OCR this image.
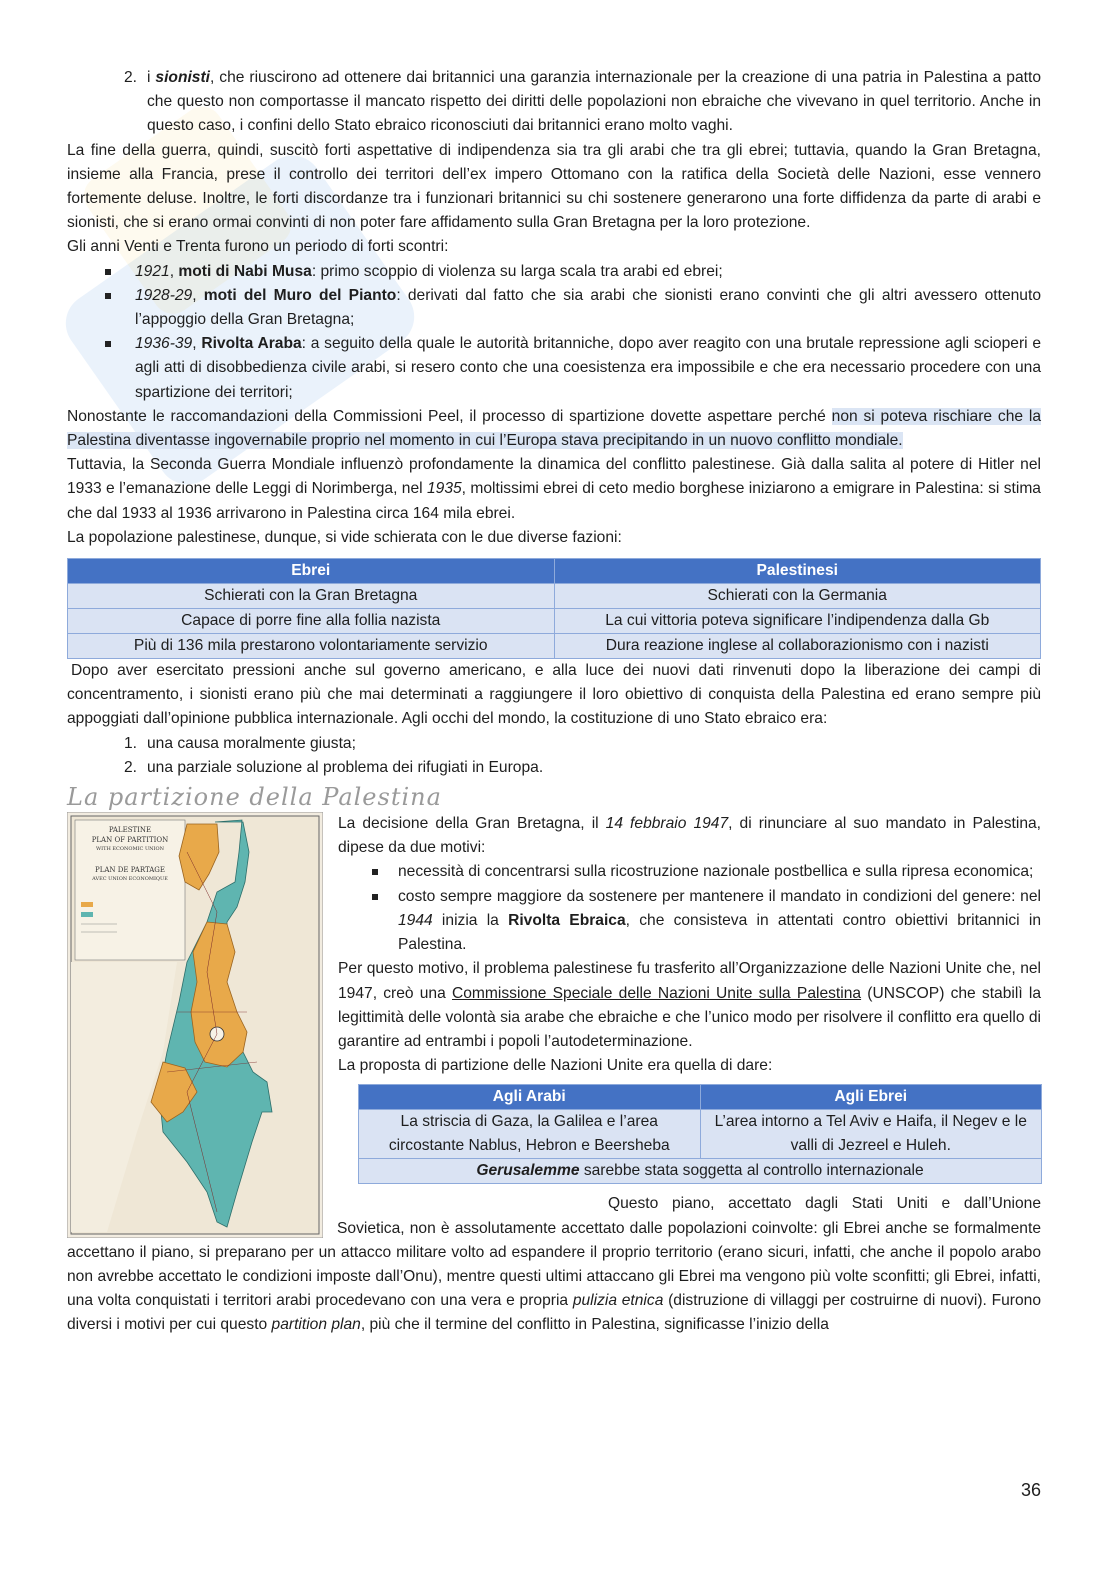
2. i sionisti, che riuscirono ad ottenere dai britannici una garanzia internazionale per la creazione di una patria in Palestina a patto che questo non comportasse il mancato rispetto dei diritti delle popolazioni non ebraiche che vivevano in quel territorio. Anche in questo caso, i confini dello Stato ebraico riconosciuti dai britannici erano molto vaghi.

La fine della guerra, quindi, suscitò forti aspettative di indipendenza sia tra gli arabi che tra gli ebrei; tuttavia, quando la Gran Bretagna, insieme alla Francia, prese il controllo dei territori dell’ex impero Ottomano con la ratifica della Società delle Nazioni, esse vennero fortemente deluse. Inoltre, le forti discordanze tra i funzionari britannici su chi sostenere generarono una forte diffidenza da parte di arabi e sionisti, che si erano ormai convinti di non poter fare affidamento sulla Gran Bretagna per la loro protezione.

Gli anni Venti e Trenta furono un periodo di forti scontri:

1921, moti di Nabi Musa: primo scoppio di violenza su larga scala tra arabi ed ebrei;
1928-29, moti del Muro del Pianto: derivati dal fatto che sia arabi che sionisti erano convinti che gli altri avessero ottenuto l’appoggio della Gran Bretagna;
1936-39, Rivolta Araba: a seguito della quale le autorità britanniche, dopo aver reagito con una brutale repressione agli scioperi e agli atti di disobbedienza civile arabi, si resero conto che una coesistenza era impossibile e che era necessario procedere con una spartizione dei territori;

Nonostante le raccomandazioni della Commissioni Peel, il processo di spartizione dovette aspettare perché non si poteva rischiare che la Palestina diventasse ingovernabile proprio nel momento in cui l’Europa stava precipitando in un nuovo conflitto mondiale.

Tuttavia, la Seconda Guerra Mondiale influenzò profondamente la dinamica del conflitto palestinese. Già dalla salita al potere di Hitler nel 1933 e l’emanazione delle Leggi di Norimberga, nel 1935, moltissimi ebrei di ceto medio borghese iniziarono a emigrare in Palestina: si stima che dal 1933 al 1936 arrivarono in Palestina circa 164 mila ebrei.

La popolazione palestinese, dunque, si vide schierata con le due diverse fazioni:

Ebrei	Palestinesi
Schierati con la Gran Bretagna	Schierati con la Germania
Capace di porre fine alla follia nazista	La cui vittoria poteva significare l’indipendenza dalla Gb
Più di 136 mila prestarono volontariamente servizio	Dura reazione inglese al collaborazionismo con i nazisti

Dopo aver esercitato pressioni anche sul governo americano, e alla luce dei nuovi dati rinvenuti dopo la liberazione dei campi di concentramento, i sionisti erano più che mai determinati a raggiungere il loro obiettivo di conquista della Palestina ed erano sempre più appoggiati dall’opinione pubblica internazionale. Agli occhi del mondo, la costituzione di uno Stato ebraico era:

1. una causa moralmente giusta;
2. una parziale soluzione al problema dei rifugiati in Europa.
La partizione della Palestina
PALESTINE
PLAN OF PARTITION
WITH ECONOMIC UNION
PLAN DE PARTAGE
AVEC UNION ECONOMIQUE

La decisione della Gran Bretagna, il 14 febbraio 1947, di rinunciare al suo mandato in Palestina, dipese da due motivi:

necessità di concentrarsi sulla ricostruzione nazionale postbellica e sulla ripresa economica;
costo sempre maggiore da sostenere per mantenere il mandato in condizioni del genere: nel 1944 inizia la Rivolta Ebraica, che consisteva in attentati contro obiettivi britannici in Palestina.

Per questo motivo, il problema palestinese fu trasferito all’Organizzazione delle Nazioni Unite che, nel 1947, creò una Commissione Speciale delle Nazioni Unite sulla Palestina (UNSCOP) che stabilì la legittimità delle volontà sia arabe che ebraiche e che l’unico modo per risolvere il conflitto era quello di garantire ad entrambi i popoli l’autodeterminazione.

La proposta di partizione delle Nazioni Unite era quella di dare:

Agli Arabi	Agli Ebrei
La striscia di Gaza, la Galilea e l’area circostante Nablus, Hebron e Beersheba	L’area intorno a Tel Aviv e Haifa, il Negev e le valli di Jezreel e Huleh.
Gerusalemme sarebbe stata soggetta al controllo internazionale	

Questo piano, accettato dagli Stati Uniti e dall’Unione Sovietica, non è assolutamente accettato dalle popolazioni coinvolte: gli Ebrei anche se formalmente accettano il piano, si preparano per un attacco militare volto ad espandere il proprio territorio (erano sicuri, infatti, che anche il popolo arabo non avrebbe accettato le condizioni imposte dall’Onu), mentre questi ultimi attaccano gli Ebrei ma vengono più volte sconfitti; gli Ebrei, infatti, una volta conquistati i territori arabi procedevano con una vera e propria pulizia etnica (distruzione di villaggi per costruirne di nuovi). Furono diversi i motivi per cui questo partition plan, più che il termine del conflitto in Palestina, significasse l’inizio della

36
